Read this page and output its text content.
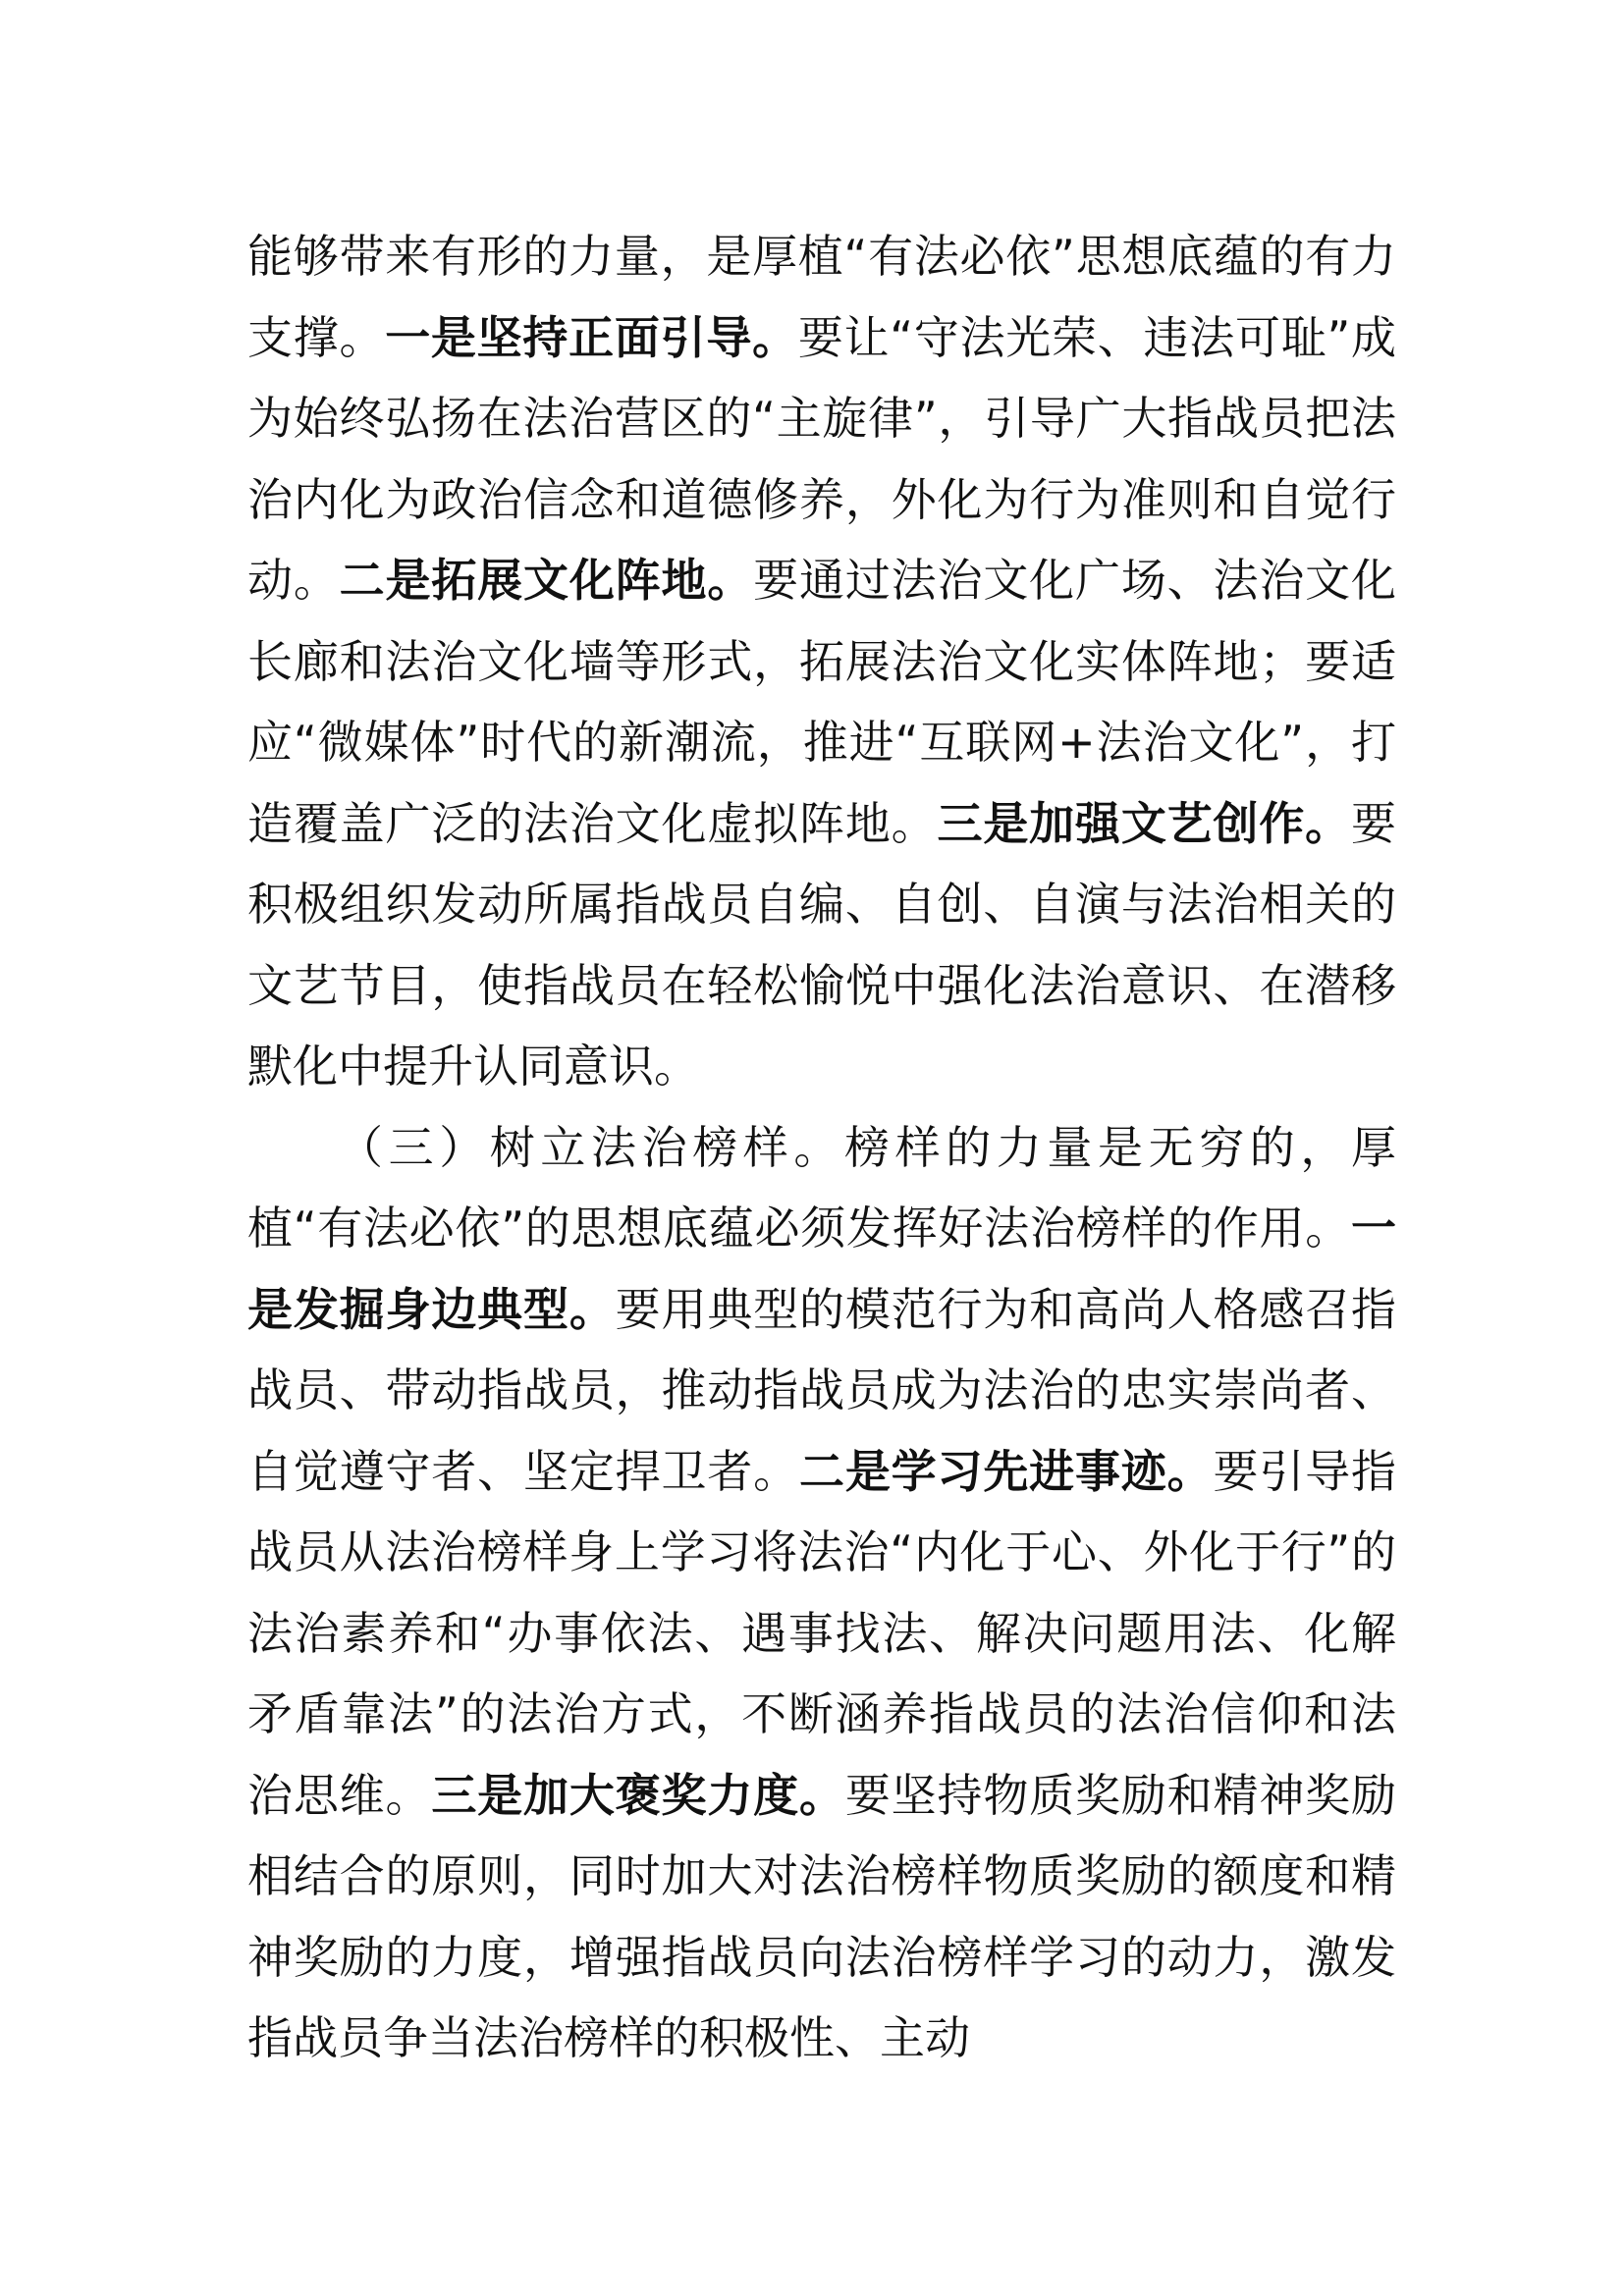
能够带来有形的力量，是厚植“有法必依”思想底蕴的有力支撑。一是坚持正面引导。要让“守法光荣、违法可耻”成为始终弘扬在法治营区的“主旋律”，引导广大指战员把法治内化为政治信念和道德修养，外化为行为准则和自觉行动。二是拓展文化阵地。要通过法治文化广场、法治文化长廊和法治文化墙等形式，拓展法治文化实体阵地；要适应“微媒体”时代的新潮流，推进“互联网+法治文化”，打造覆盖广泛的法治文化虚拟阵地。三是加强文艺创作。要积极组织发动所属指战员自编、自创、自演与法治相关的文艺节目，使指战员在轻松愉悦中强化法治意识、在潜移默化中提升认同意识。

（三）树立法治榜样。榜样的力量是无穷的，厚植“有法必依”的思想底蕴必须发挥好法治榜样的作用。一是发掘身边典型。要用典型的模范行为和高尚人格感召指战员、带动指战员，推动指战员成为法治的忠实崇尚者、自觉遵守者、坚定捍卫者。二是学习先进事迹。要引导指战员从法治榜样身上学习将法治“内化于心、外化于行”的法治素养和“办事依法、遇事找法、解决问题用法、化解矛盾靠法”的法治方式，不断涵养指战员的法治信仰和法治思维。三是加大褒奖力度。要坚持物质奖励和精神奖励相结合的原则，同时加大对法治榜样物质奖励的额度和精神奖励的力度，增强指战员向法治榜样学习的动力，激发指战员争当法治榜样的积极性、主动
